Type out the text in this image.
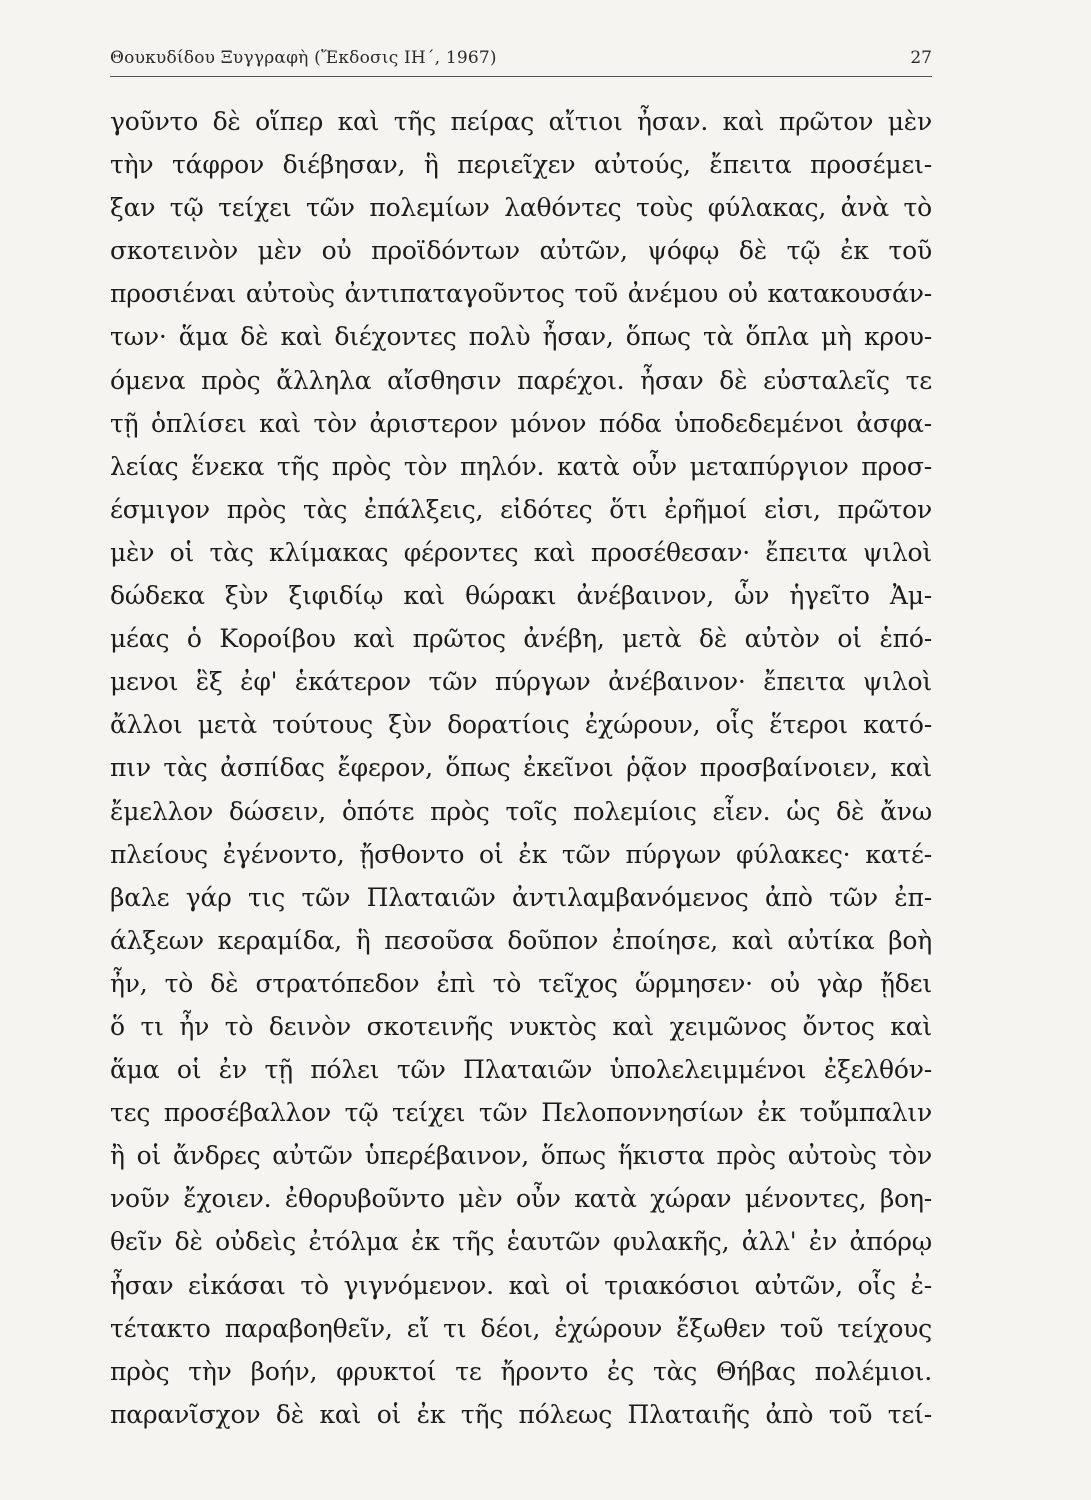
Θουκυδίδου Ξυγγραφὴ (Ἔκδοσις ΙΗ΄, 1967)	27
γοῦντο δὲ οἵπερ καὶ τῆς πείρας αἴτιοι ἦσαν. καὶ πρῶτον μὲν
τὴν τάφρον διέβησαν, ἣ περιεῖχεν αὐτούς, ἔπειτα προσέμει-
ξαν τῷ τείχει τῶν πολεμίων λαθόντες τοὺς φύλακας, ἀνὰ τὸ
σκοτεινὸν μὲν οὐ προϊδόντων αὐτῶν, ψόφῳ δὲ τῷ ἐκ τοῦ
προσιέναι αὐτοὺς ἀντιπαταγοῦντος τοῦ ἀνέμου οὐ κατακουσάν-
των· ἅμα δὲ καὶ διέχοντες πολὺ ἦσαν, ὅπως τὰ ὅπλα μὴ κρου-
όμενα πρὸς ἄλληλα αἴσθησιν παρέχοι. ἦσαν δὲ εὐσταλεῖς τε
τῇ ὁπλίσει καὶ τὸν ἀριστερον μόνον πόδα ὑποδεδεμένοι ἀσφα-
λείας ἕνεκα τῆς πρὸς τὸν πηλόν. κατὰ οὖν μεταπύργιον προσ-
έσμιγον πρὸς τὰς ἐπάλξεις, εἰδότες ὅτι ἐρῆμοί εἰσι, πρῶτον
μὲν οἱ τὰς κλίμακας φέροντες καὶ προσέθεσαν· ἔπειτα ψιλοὶ
δώδεκα ξὺν ξιφιδίῳ καὶ θώρακι ἀνέβαινον, ὧν ἡγεῖτο Ἀμ-
μέας ὁ Κοροίβου καὶ πρῶτος ἀνέβη, μετὰ δὲ αὐτὸν οἱ ἑπό-
μενοι ἓξ ἐφ' ἑκάτερον τῶν πύργων ἀνέβαινον· ἔπειτα ψιλοὶ
ἄλλοι μετὰ τούτους ξὺν δορατίοις ἐχώρουν, οἷς ἕτεροι κατό-
πιν τὰς ἀσπίδας ἔφερον, ὅπως ἐκεῖνοι ῥᾷον προσβαίνοιεν, καὶ
ἔμελλον δώσειν, ὁπότε πρὸς τοῖς πολεμίοις εἶεν. ὡς δὲ ἄνω
πλείους ἐγένοντο, ᾔσθοντο οἱ ἐκ τῶν πύργων φύλακες· κατέ-
βαλε γάρ τις τῶν Πλαταιῶν ἀντιλαμβανόμενος ἀπὸ τῶν ἐπ-
άλξεων κεραμίδα, ἣ πεσοῦσα δοῦπον ἐποίησε, καὶ αὐτίκα βοὴ
ἦν, τὸ δὲ στρατόπεδον ἐπὶ τὸ τεῖχος ὥρμησεν· οὐ γὰρ ᾔδει
ὅ τι ἦν τὸ δεινὸν σκοτεινῆς νυκτὸς καὶ χειμῶνος ὄντος καὶ
ἅμα οἱ ἐν τῇ πόλει τῶν Πλαταιῶν ὑπολελειμμένοι ἐξελθόν-
τες προσέβαλλον τῷ τείχει τῶν Πελοποννησίων ἐκ τοὔμπαλιν
ἢ οἱ ἄνδρες αὐτῶν ὑπερέβαινον, ὅπως ἥκιστα πρὸς αὐτοὺς τὸν
νοῦν ἔχοιεν. ἐθορυβοῦντο μὲν οὖν κατὰ χώραν μένοντες, βοη-
θεῖν δὲ οὐδεὶς ἐτόλμα ἐκ τῆς ἑαυτῶν φυλακῆς, ἀλλ' ἐν ἀπόρῳ
ἦσαν εἰκάσαι τὸ γιγνόμενον. καὶ οἱ τριακόσιοι αὐτῶν, οἷς ἐ-
τέτακτο παραβοηθεῖν, εἴ τι δέοι, ἐχώρουν ἔξωθεν τοῦ τείχους
πρὸς τὴν βοήν, φρυκτοί τε ἤροντο ἐς τὰς Θήβας πολέμιοι.
παρανῖσχον δὲ καὶ οἱ ἐκ τῆς πόλεως Πλαταιῆς ἀπὸ τοῦ τεί-
